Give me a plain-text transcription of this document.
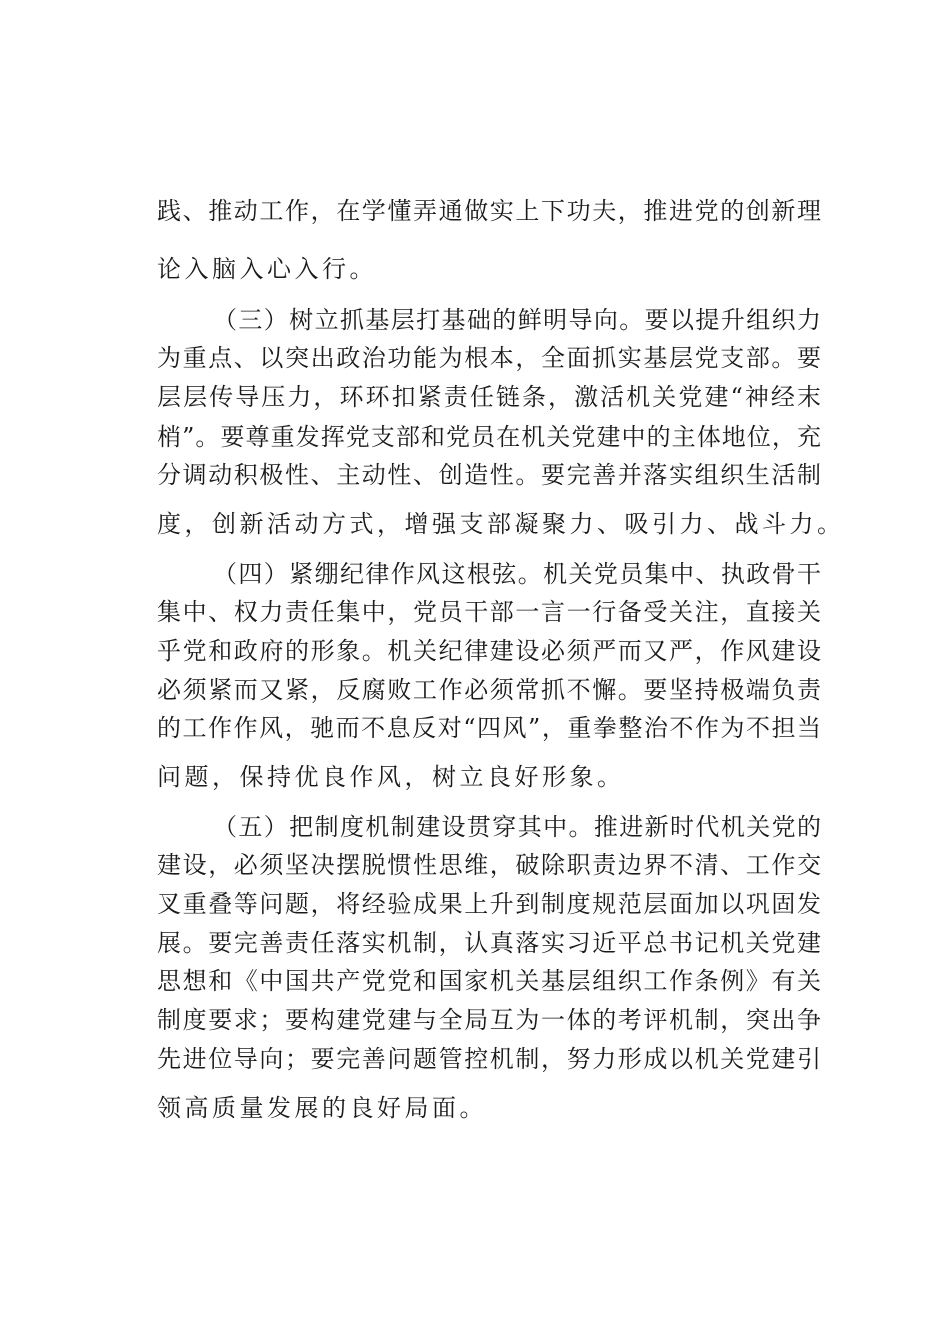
践、推动工作，在学懂弄通做实上下功夫，推进党的创新理
论入脑入心入行。
（三）树立抓基层打基础的鲜明导向。要以提升组织力
为重点、以突出政治功能为根本，全面抓实基层党支部。要
层层传导压力，环环扣紧责任链条，激活机关党建“神经末
梢”。要尊重发挥党支部和党员在机关党建中的主体地位，充
分调动积极性、主动性、创造性。要完善并落实组织生活制
度，创新活动方式，增强支部凝聚力、吸引力、战斗力。
（四）紧绷纪律作风这根弦。机关党员集中、执政骨干
集中、权力责任集中，党员干部一言一行备受关注，直接关
乎党和政府的形象。机关纪律建设必须严而又严，作风建设
必须紧而又紧，反腐败工作必须常抓不懈。要坚持极端负责
的工作作风，驰而不息反对“四风”，重拳整治不作为不担当
问题，保持优良作风，树立良好形象。
（五）把制度机制建设贯穿其中。推进新时代机关党的
建设，必须坚决摆脱惯性思维，破除职责边界不清、工作交
叉重叠等问题，将经验成果上升到制度规范层面加以巩固发
展。要完善责任落实机制，认真落实习近平总书记机关党建
思想和《中国共产党党和国家机关基层组织工作条例》有关
制度要求；要构建党建与全局互为一体的考评机制，突出争
先进位导向；要完善问题管控机制，努力形成以机关党建引
领高质量发展的良好局面。
